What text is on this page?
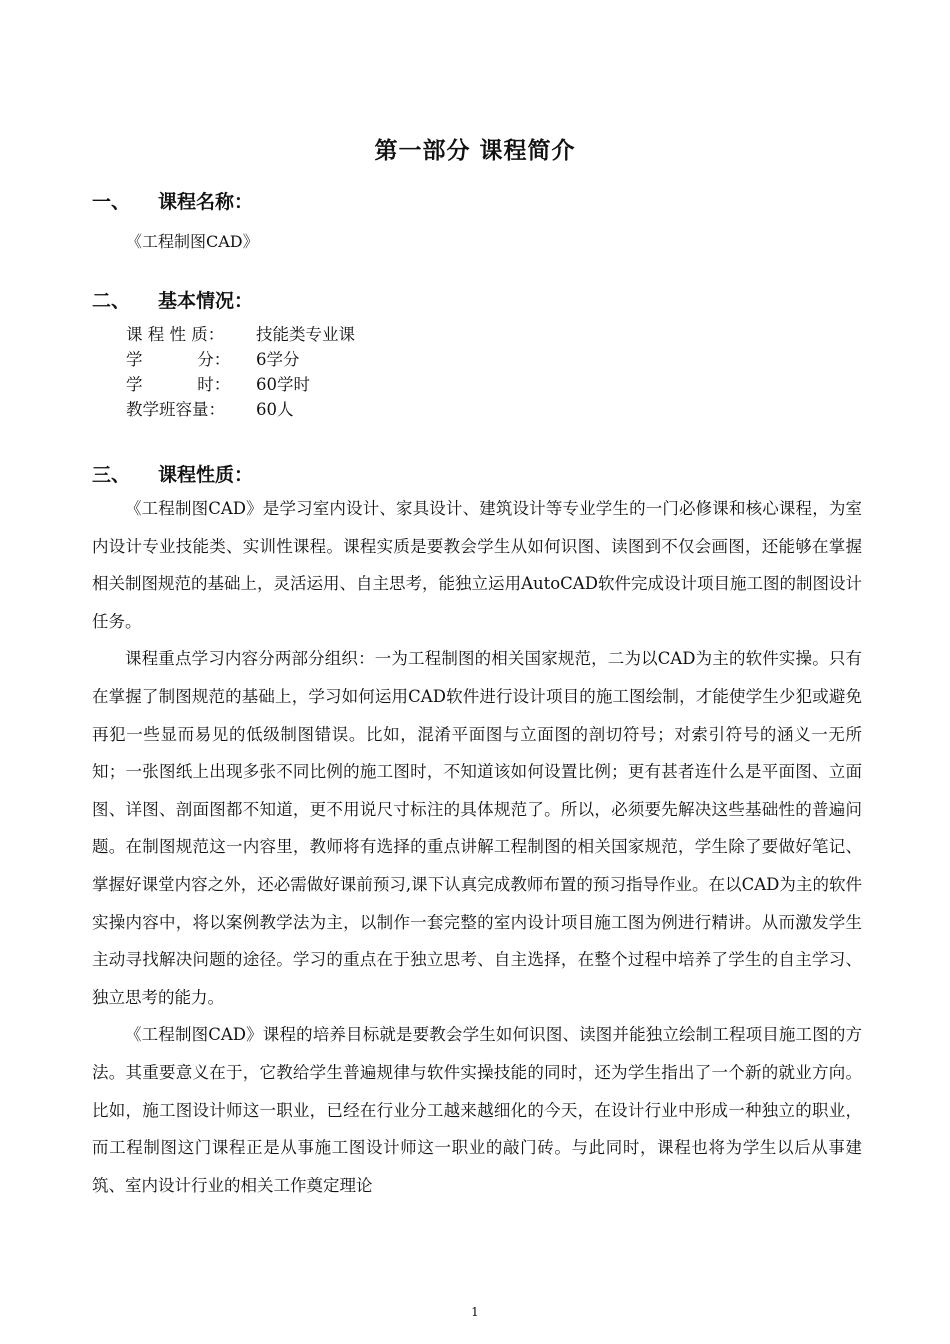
第一部分 课程简介
一、 课程名称：
《工程制图CAD》
二、 基本情况：
课 程 性 质：	技能类专业课
学　　　 分：	6学分
学　　　 时：	60学时
教学班容量：	60人
三、 课程性质：

《工程制图CAD》是学习室内设计、家具设计、建筑设计等专业学生的一门必修课和核心课程，为室内设计专业技能类、实训性课程。课程实质是要教会学生从如何识图、读图到不仅会画图，还能够在掌握相关制图规范的基础上，灵活运用、自主思考，能独立运用AutoCAD软件完成设计项目施工图的制图设计任务。

课程重点学习内容分两部分组织：一为工程制图的相关国家规范，二为以CAD为主的软件实操。只有在掌握了制图规范的基础上，学习如何运用CAD软件进行设计项目的施工图绘制，才能使学生少犯或避免再犯一些显而易见的低级制图错误。比如，混淆平面图与立面图的剖切符号；对索引符号的涵义一无所知；一张图纸上出现多张不同比例的施工图时，不知道该如何设置比例；更有甚者连什么是平面图、立面图、详图、剖面图都不知道，更不用说尺寸标注的具体规范了。所以，必须要先解决这些基础性的普遍问题。在制图规范这一内容里，教师将有选择的重点讲解工程制图的相关国家规范，学生除了要做好笔记、掌握好课堂内容之外，还必需做好课前预习,课下认真完成教师布置的预习指导作业。在以CAD为主的软件实操内容中，将以案例教学法为主，以制作一套完整的室内设计项目施工图为例进行精讲。从而激发学生主动寻找解决问题的途径。学习的重点在于独立思考、自主选择，在整个过程中培养了学生的自主学习、独立思考的能力。

《工程制图CAD》课程的培养目标就是要教会学生如何识图、读图并能独立绘制工程项目施工图的方法。其重要意义在于，它教给学生普遍规律与软件实操技能的同时，还为学生指出了一个新的就业方向。比如，施工图设计师这一职业，已经在行业分工越来越细化的今天，在设计行业中形成一种独立的职业，而工程制图这门课程正是从事施工图设计师这一职业的敲门砖。与此同时，课程也将为学生以后从事建筑、室内设计行业的相关工作奠定理论

1
